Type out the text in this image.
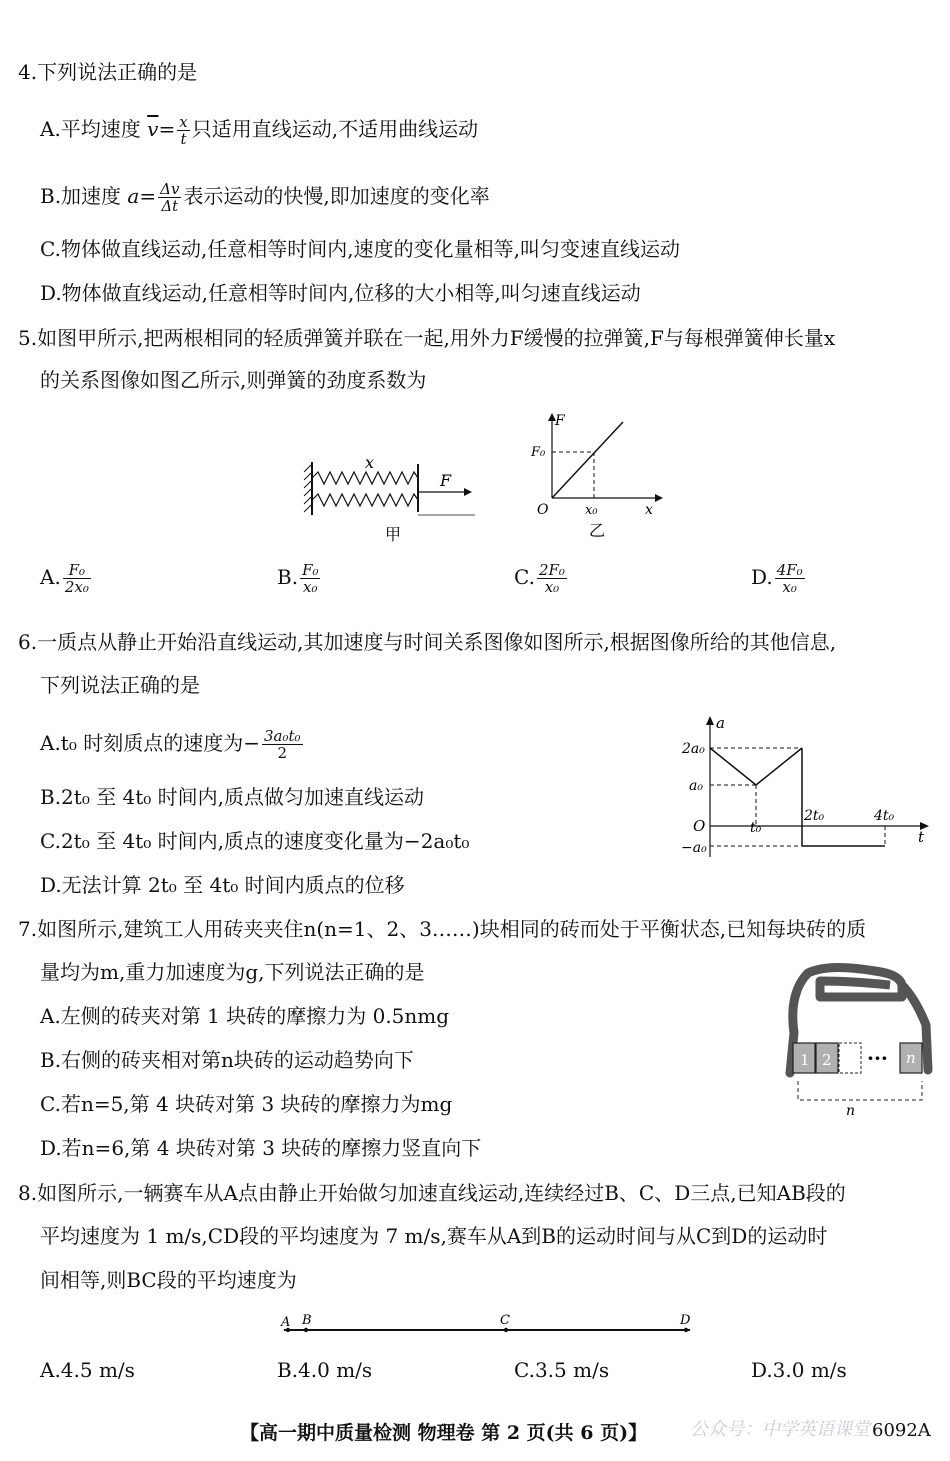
4.下列说法正确的是
A.平均速度 $\overline{v}= \frac{x}{t}$ 只适用直线运动,不适用曲线运动
B.加速度 $a= \frac{\Delta v}{\Delta t}$ 表示运动的快慢,即加速度的变化率
C.物体做直线运动,任意相等时间内,速度的变化量相等,叫匀变速直线运动
D.物体做直线运动,任意相等时间内,位移的大小相等,叫匀速直线运动
5.如图甲所示,把两根相同的轻质弹簧并联在一起,用外力F缓慢的拉弹簧,F与每根弹簧伸长量x
的关系图像如图乙所示,则弹簧的劲度系数为
x
F
甲
F
F₀
O	x₀	x
乙
A. $\frac{\text{F₀}}{\text{2x₀}}$	B. $\frac{\text{F₀}}{\text{x₀}}$	C. $\frac{\text{2F₀}}{\text{x₀}}$	D. $\frac{\text{4F₀}}{\text{x₀}}$
6.一质点从静止开始沿直线运动,其加速度与时间关系图像如图所示,根据图像所给的其他信息,
下列说法正确的是
A.t₀ 时刻质点的速度为− $\frac{\text{3a₀t₀}}{2}$
B.2t₀ 至 4t₀ 时间内,质点做匀加速直线运动
C.2t₀ 至 4t₀ 时间内,质点的速度变化量为−2a₀t₀
D.无法计算 2t₀ 至 4t₀ 时间内质点的位移
a
2a₀
a₀
O
−a₀
t₀
2t₀	4t₀
t
7.如图所示,建筑工人用砖夹夹住n(n=1、2、3……)块相同的砖而处于平衡状态,已知每块砖的质
量均为m,重力加速度为g,下列说法正确的是
A.左侧的砖夹对第 1 块砖的摩擦力为 0.5nmg
B.右侧的砖夹相对第n块砖的运动趋势向下
C.若n=5,第 4 块砖对第 3 块砖的摩擦力为mg
D.若n=6,第 4 块砖对第 3 块砖的摩擦力竖直向下
1 2 ··· n
n
8.如图所示,一辆赛车从A点由静止开始做匀加速直线运动,连续经过B、C、D三点,已知AB段的
平均速度为 1 m/s,CD段的平均速度为 7 m/s,赛车从A到B的运动时间与从C到D的运动时
间相等,则BC段的平均速度为
A B	C	D
A.4.5 m/s	B.4.0 m/s	C.3.5 m/s	D.3.0 m/s
【高一期中质量检测 物理卷 第 2 页(共 6 页)】 公众号：中学英语课堂 6092A
